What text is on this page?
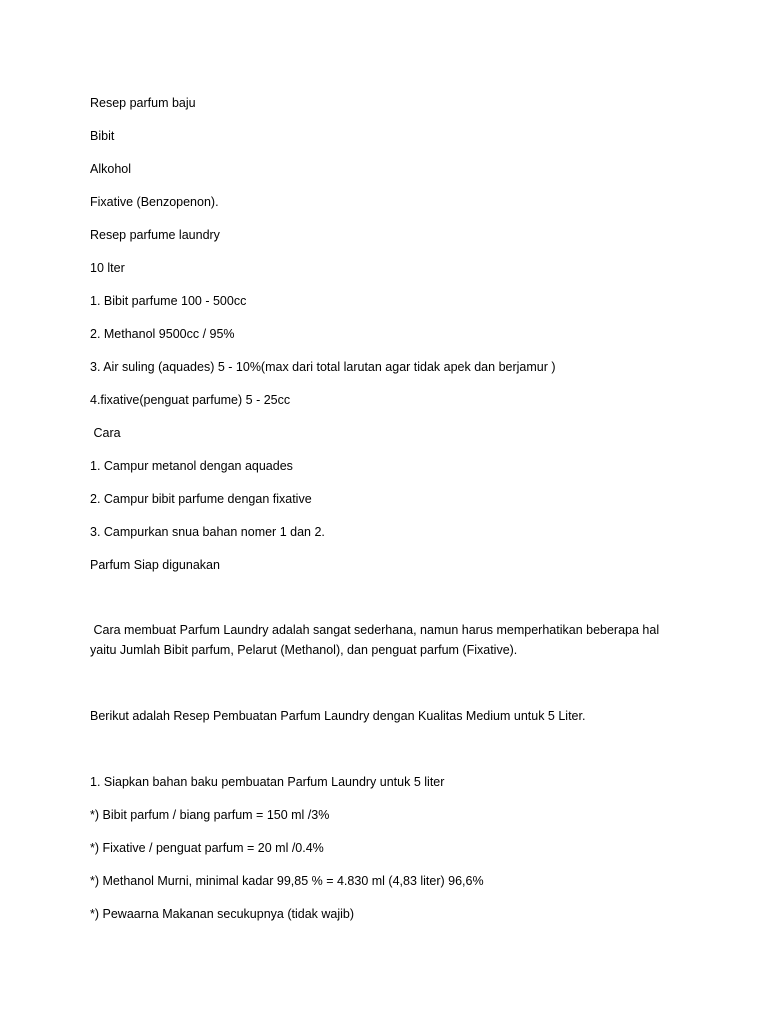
Resep parfum baju
Bibit
Alkohol
Fixative (Benzopenon).
Resep parfume laundry
10 lter
1. Bibit parfume 100 - 500cc
2. Methanol 9500cc / 95%
3. Air suling (aquades) 5 - 10%(max dari total larutan agar tidak apek dan berjamur )
4.fixative(penguat parfume) 5 - 25cc
Cara
1. Campur metanol dengan aquades
2. Campur bibit parfume dengan fixative
3. Campurkan snua bahan nomer 1 dan 2.
Parfum Siap digunakan
Cara membuat Parfum Laundry adalah sangat sederhana, namun harus memperhatikan beberapa hal
yaitu Jumlah Bibit parfum, Pelarut (Methanol), dan penguat parfum (Fixative).
Berikut adalah Resep Pembuatan Parfum Laundry dengan Kualitas Medium untuk 5 Liter.
1. Siapkan bahan baku pembuatan Parfum Laundry untuk 5 liter
*) Bibit parfum / biang parfum = 150 ml /3%
*) Fixative / penguat parfum = 20 ml /0.4%
*) Methanol Murni, minimal kadar 99,85 % = 4.830 ml (4,83 liter) 96,6%
*) Pewaarna Makanan secukupnya (tidak wajib)
